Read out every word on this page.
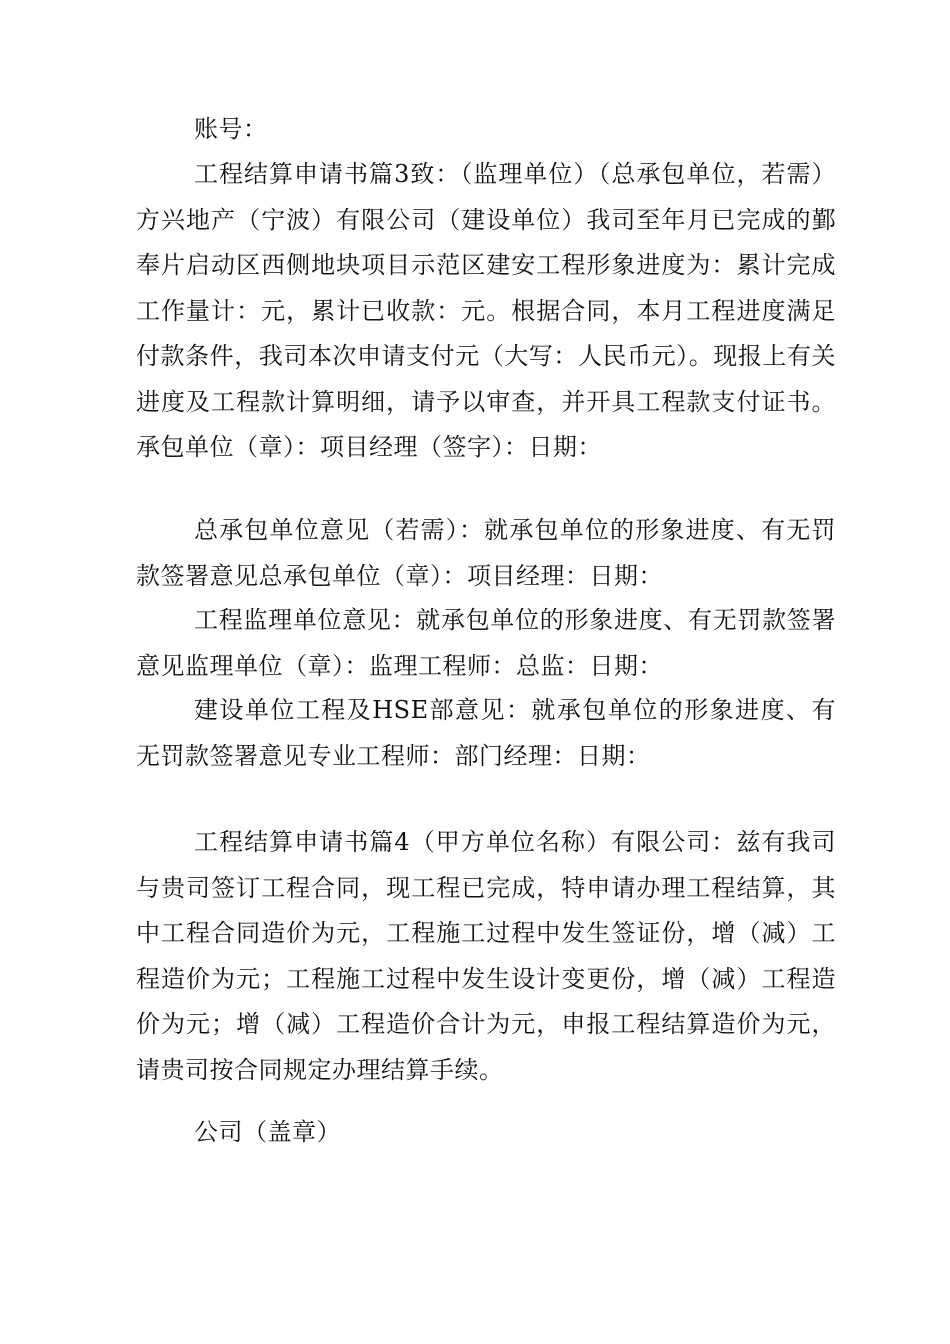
账号：

工程结算申请书篇3致：（监理单位）（总承包单位，若需）方兴地产（宁波）有限公司（建设单位）我司至年月已完成的鄞奉片启动区西侧地块项目示范区建安工程形象进度为：累计完成工作量计：元，累计已收款：元。根据合同，本月工程进度满足付款条件，我司本次申请支付元（大写：人民币元）。现报上有关进度及工程款计算明细，请予以审查，并开具工程款支付证书。承包单位（章）：项目经理（签字）：日期：

总承包单位意见（若需）：就承包单位的形象进度、有无罚款签署意见总承包单位（章）：项目经理：日期：

工程监理单位意见：就承包单位的形象进度、有无罚款签署意见监理单位（章）：监理工程师：总监：日期：

建设单位工程及HSE部意见：就承包单位的形象进度、有无罚款签署意见专业工程师：部门经理：日期：

工程结算申请书篇4（甲方单位名称）有限公司：兹有我司与贵司签订工程合同，现工程已完成，特申请办理工程结算，其中工程合同造价为元，工程施工过程中发生签证份，增（减）工程造价为元；工程施工过程中发生设计变更份，增（减）工程造价为元；增（减）工程造价合计为元，申报工程结算造价为元，请贵司按合同规定办理结算手续。

公司（盖章）
